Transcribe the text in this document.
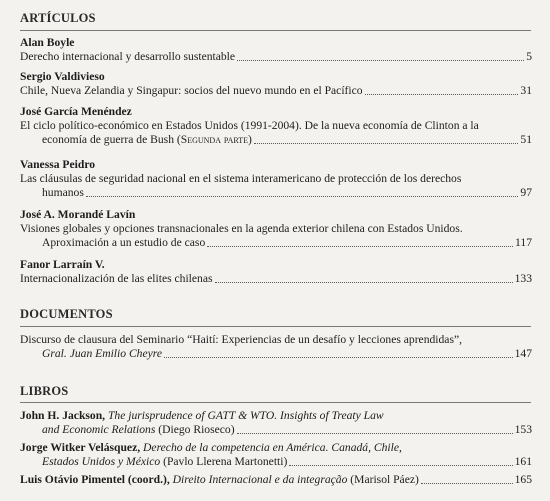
ARTÍCULOS
Alan Boyle
Derecho internacional y desarrollo sustentable	5
Sergio Valdivieso
Chile, Nueva Zelandia y Singapur: socios del nuevo mundo en el Pacífico	31
José García Menéndez
El ciclo político-económico en Estados Unidos (1991-2004). De la nueva economía de Clinton a la
economía de guerra de Bush (Segunda parte)	51
Vanessa Peidro
Las cláusulas de seguridad nacional en el sistema interamericano de protección de los derechos
humanos	97
José A. Morandé Lavín
Visiones globales y opciones transnacionales en la agenda exterior chilena con Estados Unidos.
Aproximación a un estudio de caso	117
Fanor Larraín V.
Internacionalización de las elites chilenas	133
DOCUMENTOS
Discurso de clausura del Seminario “Haití: Experiencias de un desafío y lecciones aprendidas”,
Gral. Juan Emilio Cheyre	147
LIBROS
John H. Jackson, The jurisprudence of GATT & WTO. Insights of Treaty Law
and Economic Relations (Diego Rioseco)	153
Jorge Witker Velásquez, Derecho de la competencia en América. Canadá, Chile,
Estados Unidos y México (Pavlo Llerena Martonetti)	161
Luis Otávio Pimentel (coord.), Direito Internacional e da integração (Marisol Páez)	165
